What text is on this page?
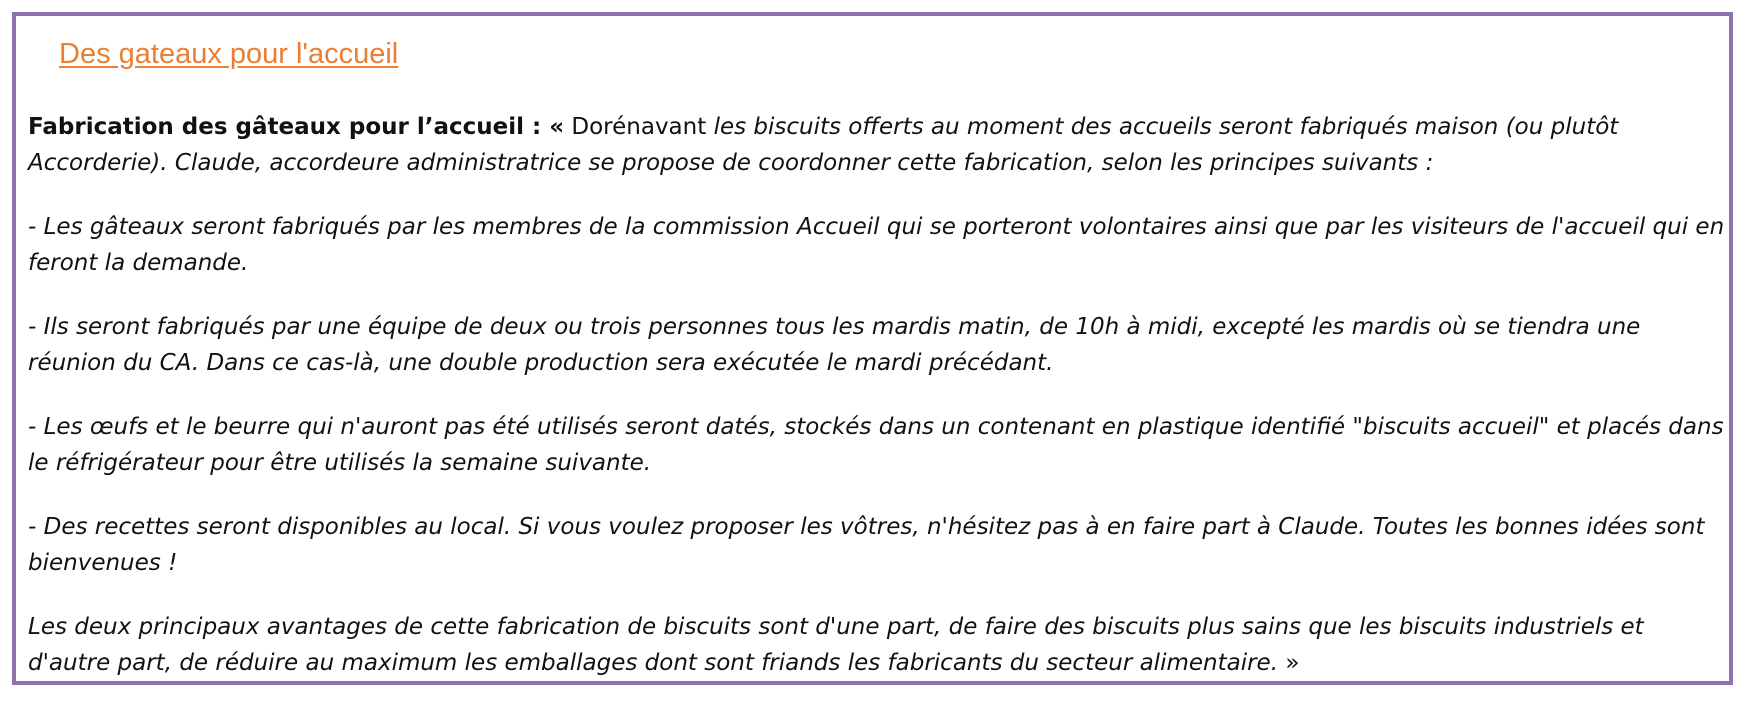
Des gateaux pour l'accueil

Fabrication des gâteaux pour l’accueil : « Dorénavant les biscuits offerts au moment des accueils seront fabriqués maison (ou plutôt Accorderie). Claude, accordeure administratrice se propose de coordonner cette fabrication, selon les principes suivants :

- Les gâteaux seront fabriqués par les membres de la commission Accueil qui se porteront volontaires ainsi que par les visiteurs de l'accueil qui en feront la demande.

- Ils seront fabriqués par une équipe de deux ou trois personnes tous les mardis matin, de 10h à midi, excepté les mardis où se tiendra une réunion du CA. Dans ce cas-là, une double production sera exécutée le mardi précédant.

- Les œufs et le beurre qui n'auront pas été utilisés seront datés, stockés dans un contenant en plastique identifié "biscuits accueil" et placés dans le réfrigérateur pour être utilisés la semaine suivante.

- Des recettes seront disponibles au local. Si vous voulez proposer les vôtres, n'hésitez pas à en faire part à Claude. Toutes les bonnes idées sont bienvenues !

Les deux principaux avantages de cette fabrication de biscuits sont d'une part, de faire des biscuits plus sains que les biscuits industriels et d'autre part, de réduire au maximum les emballages dont sont friands les fabricants du secteur alimentaire. »
